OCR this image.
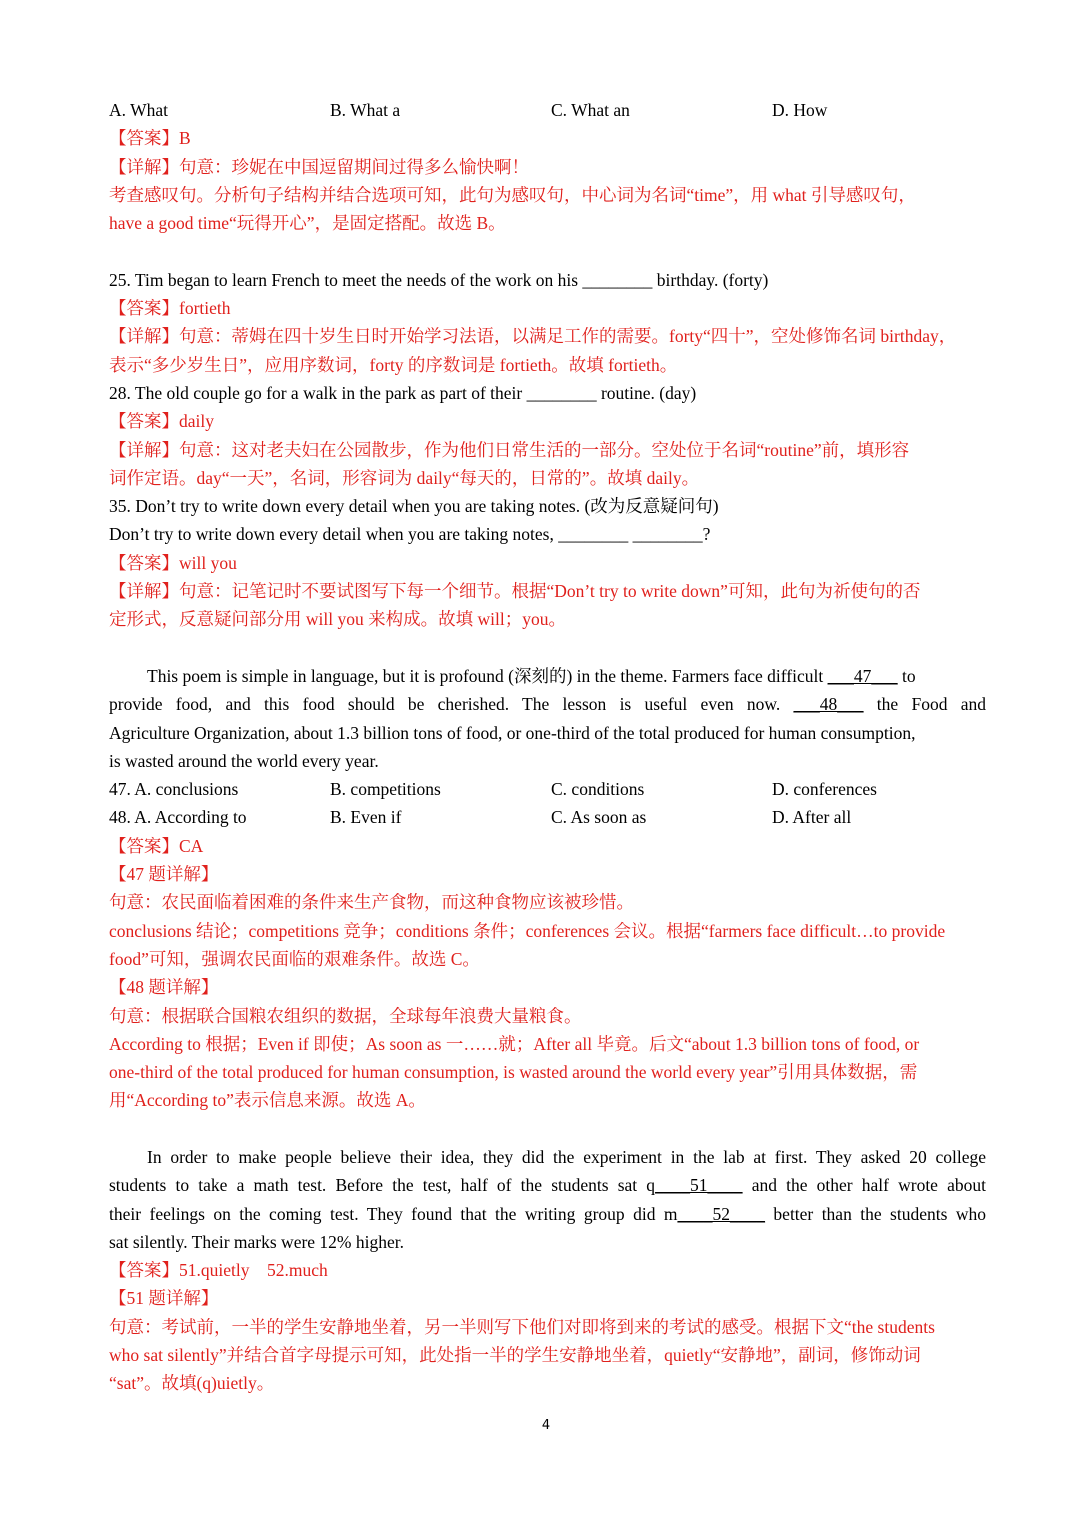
A. What	B. What a	C. What an	D. How
【答案】B
【详解】句意：珍妮在中国逗留期间过得多么愉快啊！
考查感叹句。分析句子结构并结合选项可知，此句为感叹句，中心词为名词“time”，用 what 引导感叹句，
have a good time“玩得开心”，是固定搭配。故选 B。
25. Tim began to learn French to meet the needs of the work on his ________ birthday. (forty)
【答案】fortieth
【详解】句意：蒂姆在四十岁生日时开始学习法语，以满足工作的需要。forty“四十”，空处修饰名词 birthday，
表示“多少岁生日”，应用序数词，forty 的序数词是 fortieth。故填 fortieth。
28. The old couple go for a walk in the park as part of their ________ routine. (day)
【答案】daily
【详解】句意：这对老夫妇在公园散步，作为他们日常生活的一部分。空处位于名词“routine”前，填形容
词作定语。day“一天”，名词，形容词为 daily“每天的，日常的”。故填 daily。
35. Don’t try to write down every detail when you are taking notes. (改为反意疑问句)
Don’t try to write down every detail when you are taking notes, ________ ________?
【答案】will you
【详解】句意：记笔记时不要试图写下每一个细节。根据“Don’t try to write down”可知，此句为祈使句的否
定形式，反意疑问部分用 will you 来构成。故填 will；you。
This poem is simple in language, but it is profound (深刻的) in the theme. Farmers face difficult ___47___ to
provide food, and this food should be cherished. The lesson is useful even now. ___48___ the Food and
Agriculture Organization, about 1.3 billion tons of food, or one-third of the total produced for human consumption,
is wasted around the world every year.
47. A. conclusions	B. competitions	C. conditions	D. conferences
48. A. According to	B. Even if	C. As soon as	D. After all
【答案】CA
【47 题详解】
句意：农民面临着困难的条件来生产食物，而这种食物应该被珍惜。
conclusions 结论；competitions 竞争；conditions 条件；conferences 会议。根据“farmers face difficult…to provide
food”可知，强调农民面临的艰难条件。故选 C。
【48 题详解】
句意：根据联合国粮农组织的数据，全球每年浪费大量粮食。
According to 根据；Even if 即使；As soon as 一……就；After all 毕竟。后文“about 1.3 billion tons of food, or
one-third of the total produced for human consumption, is wasted around the world every year”引用具体数据，需
用“According to”表示信息来源。故选 A。
In order to make people believe their idea, they did the experiment in the lab at first. They asked 20 college
students to take a math test. Before the test, half of the students sat q____51____ and the other half wrote about
their feelings on the coming test. They found that the writing group did m____52____ better than the students who
sat silently. Their marks were 12% higher.
【答案】51.quietly    52.much
【51 题详解】
句意：考试前，一半的学生安静地坐着，另一半则写下他们对即将到来的考试的感受。根据下文“the students
who sat silently”并结合首字母提示可知，此处指一半的学生安静地坐着，quietly“安静地”，副词，修饰动词
“sat”。故填(q)uietly。
4
